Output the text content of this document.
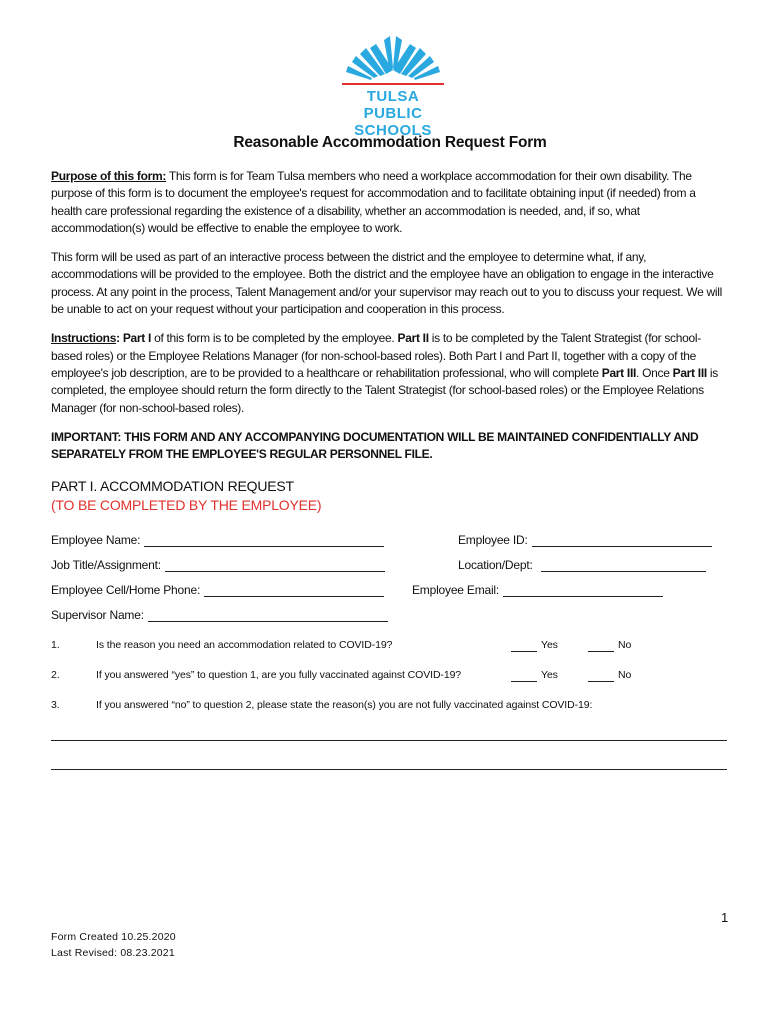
TULSA PUBLIC
SCHOOLS
Reasonable Accommodation Request Form
Purpose of this form: This form is for Team Tulsa members who need a workplace accommodation for their own disability. The purpose of this form is to document the employee's request for accommodation and to facilitate obtaining input (if needed) from a health care professional regarding the existence of a disability, whether an accommodation is needed, and, if so, what accommodation(s) would be effective to enable the employee to work.
This form will be used as part of an interactive process between the district and the employee to determine what, if any, accommodations will be provided to the employee. Both the district and the employee have an obligation to engage in the interactive process. At any point in the process, Talent Management and/or your supervisor may reach out to you to discuss your request. We will be unable to act on your request without your participation and cooperation in this process.
Instructions: Part I of this form is to be completed by the employee. Part II is to be completed by the Talent Strategist (for school-based roles) or the Employee Relations Manager (for non-school-based roles). Both Part I and Part II, together with a copy of the employee's job description, are to be provided to a healthcare or rehabilitation professional, who will complete Part III. Once Part III is completed, the employee should return the form directly to the Talent Strategist (for school-based roles) or the Employee Relations Manager (for non-school-based roles).
IMPORTANT: THIS FORM AND ANY ACCOMPANYING DOCUMENTATION WILL BE MAINTAINED CONFIDENTIALLY AND SEPARATELY FROM THE EMPLOYEE'S REGULAR PERSONNEL FILE.
PART I. ACCOMMODATION REQUEST
(TO BE COMPLETED BY THE EMPLOYEE)
Employee Name:	Employee ID:
Job Title/Assignment:	Location/Dept:
Employee Cell/Home Phone:	Employee Email:
Supervisor Name:
1.	Is the reason you need an accommodation related to COVID-19?	Yes	No
2.	If you answered “yes” to question 1, are you fully vaccinated against COVID-19?	Yes	No
3.	If you answered “no” to question 2, please state the reason(s) you are not fully vaccinated against COVID-19:
1
Form Created 10.25.2020
Last Revised: 08.23.2021
